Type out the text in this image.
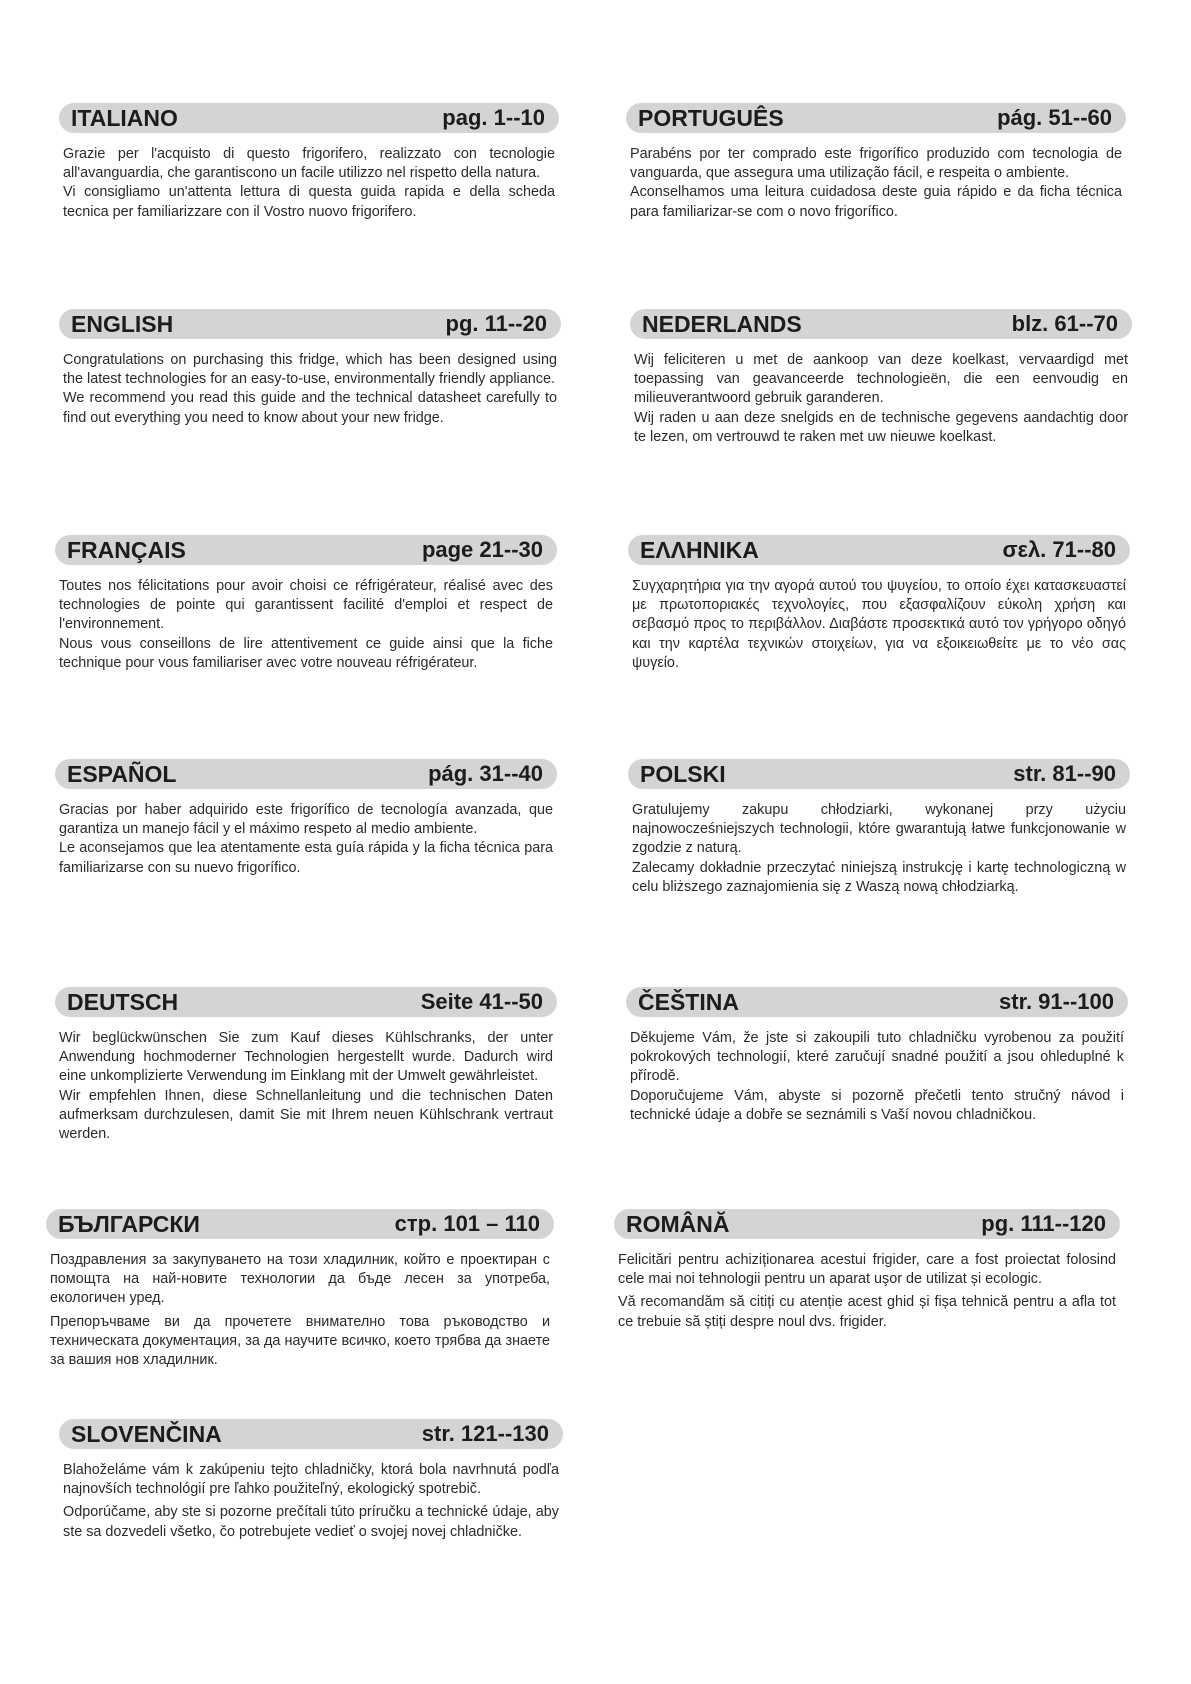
ITALIANO	pag. 1--10

Grazie per l'acquisto di questo frigorifero, realizzato con tecnologie all'avanguardia, che garantiscono un facile utilizzo nel rispetto della natura.

Vi consigliamo un'attenta lettura di questa guida rapida e della scheda tecnica per familiarizzare con il Vostro nuovo frigorifero.

PORTUGUÊS	pág. 51--60

Parabéns por ter comprado este frigorífico produzido com tecnologia de vanguarda, que assegura uma utilização fácil, e respeita o ambiente.

Aconselhamos uma leitura cuidadosa deste guia rápido e da ficha técnica para familiarizar-se com o novo frigorífico.

ENGLISH	pg. 11--20

Congratulations on purchasing this fridge, which has been designed using the latest technologies for an easy-to-use, environmentally friendly appliance.

We recommend you read this guide and the technical datasheet carefully to find out everything you need to know about your new fridge.

NEDERLANDS	blz. 61--70

Wij feliciteren u met de aankoop van deze koelkast, vervaardigd met toepassing van geavanceerde technologieën, die een eenvoudig en milieuverantwoord gebruik garanderen.

Wij raden u aan deze snelgids en de technische gegevens aandachtig door te lezen, om vertrouwd te raken met uw nieuwe koelkast.

FRANÇAIS	page 21--30

Toutes nos félicitations pour avoir choisi ce réfrigérateur, réalisé avec des technologies de pointe qui garantissent facilité d'emploi et respect de l'environnement.

Nous vous conseillons de lire attentivement ce guide ainsi que la fiche technique pour vous familiariser avec votre nouveau réfrigérateur.

ΕΛΛΗΝΙΚΑ	σελ. 71--80

Συγχαρητήρια για την αγορά αυτού του ψυγείου, το οποίο έχει κατασκευαστεί με πρωτοποριακές τεχνολογίες, που εξασφαλίζουν εύκολη χρήση και σεβασμό προς το περιβάλλον. Διαβάστε προσεκτικά αυτό τον γρήγορο οδηγό και την καρτέλα τεχνικών στοιχείων, για να εξοικειωθείτε με το νέο σας ψυγείο.

ESPAÑOL	pág. 31--40

Gracias por haber adquirido este frigorífico de tecnología avanzada, que garantiza un manejo fácil y el máximo respeto al medio ambiente.

Le aconsejamos que lea atentamente esta guía rápida y la ficha técnica para familiarizarse con su nuevo frigorífico.

POLSKI	str. 81--90

Gratulujemy zakupu chłodziarki, wykonanej przy użyciu najnowocześniejszych technologii, które gwarantują łatwe funkcjonowanie w zgodzie z naturą.

Zalecamy dokładnie przeczytać niniejszą instrukcję i kartę technologiczną w celu bliższego zaznajomienia się z Waszą nową chłodziarką.

DEUTSCH	Seite 41--50

Wir beglückwünschen Sie zum Kauf dieses Kühlschranks, der unter Anwendung hochmoderner Technologien hergestellt wurde. Dadurch wird eine unkomplizierte Verwendung im Einklang mit der Umwelt gewährleistet.

Wir empfehlen Ihnen, diese Schnellanleitung und die technischen Daten aufmerksam durchzulesen, damit Sie mit Ihrem neuen Kühlschrank vertraut werden.

ČEŠTINA	str. 91--100

Děkujeme Vám, že jste si zakoupili tuto chladničku vyrobenou za použití pokrokových technologií, které zaručují snadné použití a jsou ohleduplné k přírodě.

Doporučujeme Vám, abyste si pozorně přečetli tento stručný návod i technické údaje a dobře se seznámili s Vaší novou chladničkou.

БЪЛГАРСКИ	стр. 101 – 110

Поздравления за закупуването на този хладилник, който е проектиран с помощта на най-новите технологии да бъде лесен за употреба, екологичен уред.

Препоръчваме ви да прочетете внимателно това ръководство и техническата документация, за да научите всичко, което трябва да знаете за вашия нов хладилник.

ROMÂNĂ	pg. 111--120

Felicitări pentru achiziționarea acestui frigider, care a fost proiectat folosind cele mai noi tehnologii pentru un aparat uşor de utilizat și ecologic.

Vă recomandăm să citiți cu atenție acest ghid și fișa tehnică pentru a afla tot ce trebuie să știți despre noul dvs. frigider.

SLOVENČINA	str. 121--130

Blahoželáme vám k zakúpeniu tejto chladničky, ktorá bola navrhnutá podľa najnovších technológií pre ľahko použiteľný, ekologický spotrebič.

Odporúčame, aby ste si pozorne prečítali túto príručku a technické údaje, aby ste sa dozvedeli všetko, čo potrebujete vedieť o svojej novej chladničke.
